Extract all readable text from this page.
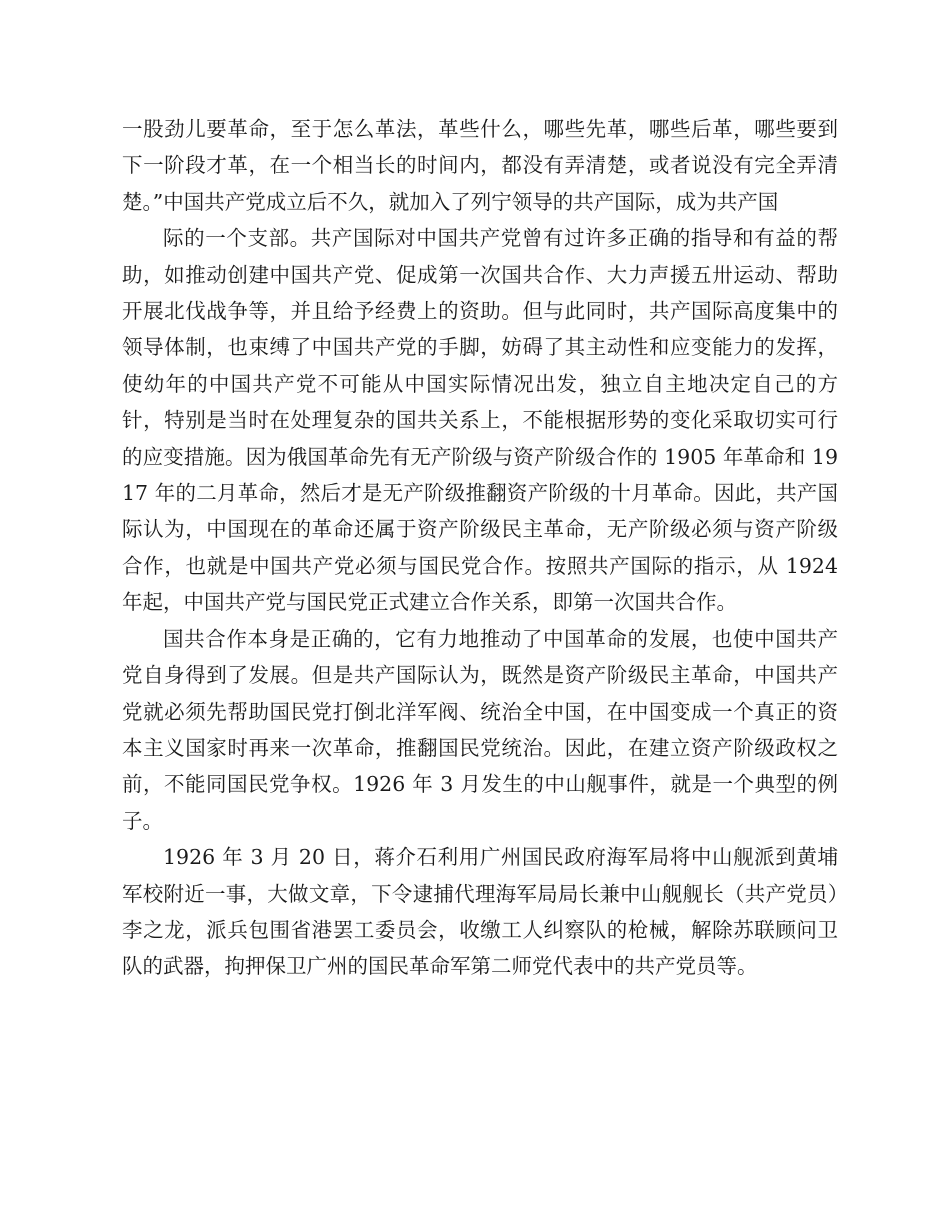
一股劲儿要革命，至于怎么革法，革些什么，哪些先革，哪些后革，哪些要到下一阶段才革，在一个相当长的时间内，都没有弄清楚，或者说没有完全弄清楚。”中国共产党成立后不久，就加入了列宁领导的共产国际，成为共产国

际的一个支部。共产国际对中国共产党曾有过许多正确的指导和有益的帮助，如推动创建中国共产党、促成第一次国共合作、大力声援五卅运动、帮助开展北伐战争等，并且给予经费上的资助。但与此同时，共产国际高度集中的领导体制，也束缚了中国共产党的手脚，妨碍了其主动性和应变能力的发挥，使幼年的中国共产党不可能从中国实际情况出发，独立自主地决定自己的方针，特别是当时在处理复杂的国共关系上，不能根据形势的变化采取切实可行的应变措施。因为俄国革命先有无产阶级与资产阶级合作的 1905 年革命和 1917 年的二月革命，然后才是无产阶级推翻资产阶级的十月革命。因此，共产国际认为，中国现在的革命还属于资产阶级民主革命，无产阶级必须与资产阶级合作，也就是中国共产党必须与国民党合作。按照共产国际的指示，从 1924 年起，中国共产党与国民党正式建立合作关系，即第一次国共合作。

国共合作本身是正确的，它有力地推动了中国革命的发展，也使中国共产党自身得到了发展。但是共产国际认为，既然是资产阶级民主革命，中国共产党就必须先帮助国民党打倒北洋军阀、统治全中国，在中国变成一个真正的资本主义国家时再来一次革命，推翻国民党统治。因此，在建立资产阶级政权之前，不能同国民党争权。1926 年 3 月发生的中山舰事件，就是一个典型的例子。

1926 年 3 月 20 日，蒋介石利用广州国民政府海军局将中山舰派到黄埔军校附近一事，大做文章，下令逮捕代理海军局局长兼中山舰舰长（共产党员）李之龙，派兵包围省港罢工委员会，收缴工人纠察队的枪械，解除苏联顾问卫队的武器，拘押保卫广州的国民革命军第二师党代表中的共产党员等。
